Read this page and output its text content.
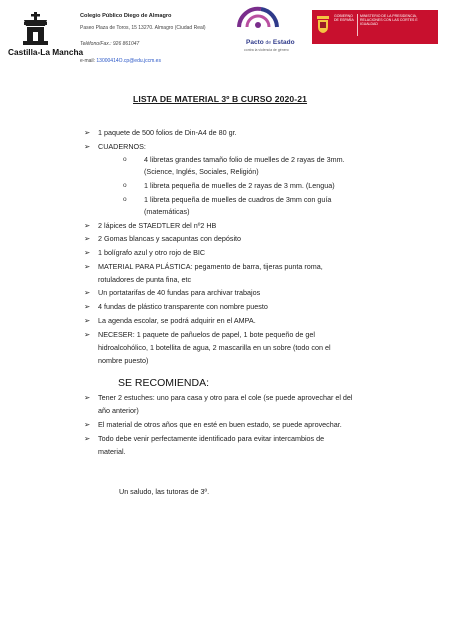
Castilla-La Mancha
Colegio Público Diego de Almagro
Paseo Plaza de Toros, 15 13270. Almagro (Ciudad Real)
Teléfono/Fax.: 926 861047
e-mail: 13000414O.cp@edu.jccm.es
Pacto de Estado
contra la violencia de género
GOBIERNO DE ESPAÑA
MINISTERIO DE LA PRESIDENCIA, RELACIONES CON LAS CORTES E IGUALDAD
LISTA DE MATERIAL 3º B CURSO 2020-21
➢ 1 paquete de 500 folios de Din-A4 de 80 gr.
➢ CUADERNOS:
o 4 libretas grandes tamaño folio de muelles de 2 rayas de 3mm.
(Science, Inglés, Sociales, Religión)
o 1 libreta pequeña de muelles de 2 rayas de 3 mm. (Lengua)
o 1 libreta pequeña de muelles de cuadros de 3mm con guía
(matemáticas)
➢ 2 lápices de STAEDTLER del nº2 HB
➢ 2 Gomas blancas y sacapuntas con depósito
➢ 1 bolígrafo azul y otro rojo de BIC
➢ MATERIAL PARA PLÁSTICA: pegamento de barra, tijeras punta roma,
rotuladores de punta fina, etc
➢ Un portatarifas de 40 fundas para archivar trabajos
➢ 4 fundas de plástico transparente con nombre puesto
➢ La agenda escolar, se podrá adquirir en el AMPA.
➢ NECESER: 1 paquete de pañuelos de papel, 1 bote pequeño de gel
hidroalcohólico, 1 botellita de agua, 2 mascarilla en un sobre (todo con el
nombre puesto)
SE RECOMIENDA:
➢ Tener 2 estuches: uno para casa y otro para el cole (se puede aprovechar el del
año anterior)
➢ El material de otros años que en esté en buen estado, se puede aprovechar.
➢ Todo debe venir perfectamente identificado para evitar intercambios de
material.
Un saludo, las tutoras de 3º.
